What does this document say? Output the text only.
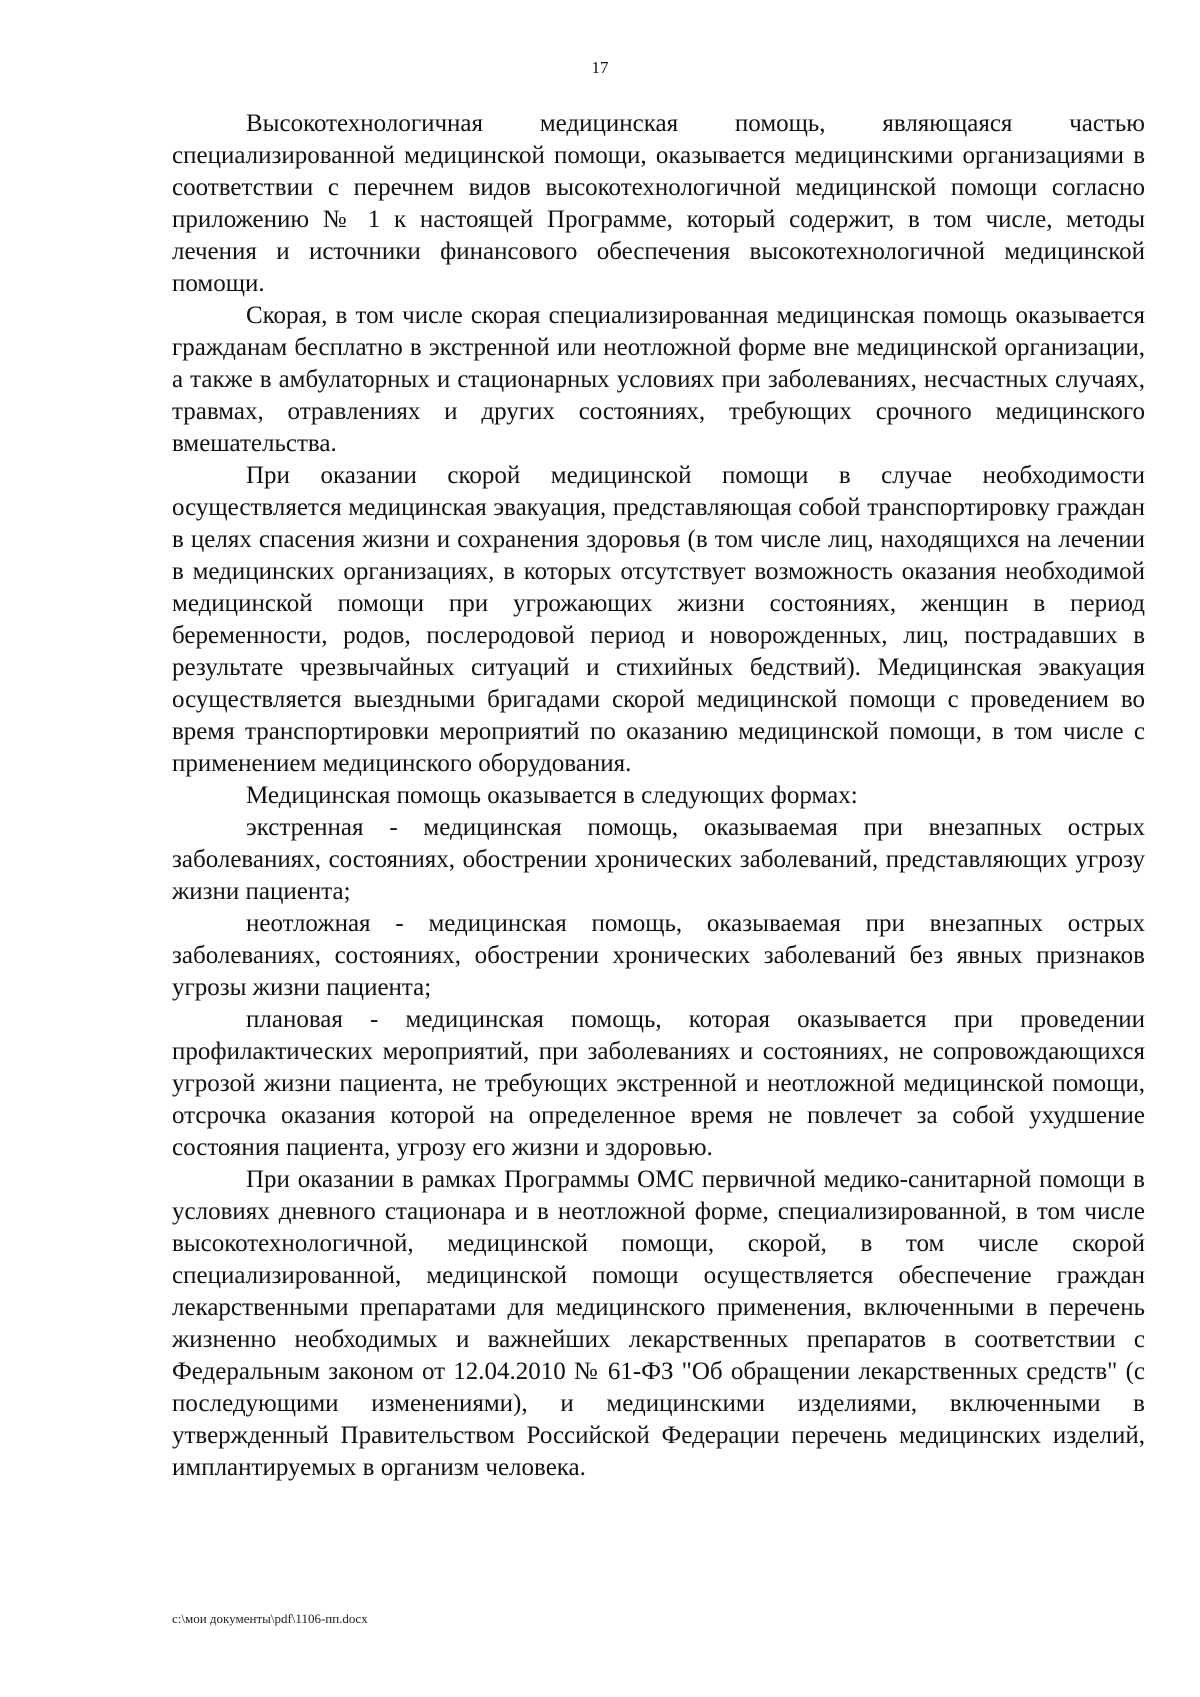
17

Высокотехнологичная медицинская помощь, являющаяся частью специализированной медицинской помощи, оказывается медицинскими организациями в соответствии с перечнем видов высокотехнологичной медицинской помощи согласно приложению № 1 к настоящей Программе, который содержит, в том числе, методы лечения и источники финансового обеспечения высокотехнологичной медицинской помощи.

Скорая, в том числе скорая специализированная медицинская помощь оказывается гражданам бесплатно в экстренной или неотложной форме вне медицинской организации, а также в амбулаторных и стационарных условиях при заболеваниях, несчастных случаях, травмах, отравлениях и других состояниях, требующих срочного медицинского вмешательства.

При оказании скорой медицинской помощи в случае необходимости осуществляется медицинская эвакуация, представляющая собой транспортировку граждан в целях спасения жизни и сохранения здоровья (в том числе лиц, находящихся на лечении в медицинских организациях, в которых отсутствует возможность оказания необходимой медицинской помощи при угрожающих жизни состояниях, женщин в период беременности, родов, послеродовой период и новорожденных, лиц, пострадавших в результате чрезвычайных ситуаций и стихийных бедствий). Медицинская эвакуация осуществляется выездными бригадами скорой медицинской помощи с проведением во время транспортировки мероприятий по оказанию медицинской помощи, в том числе с применением медицинского оборудования.

Медицинская помощь оказывается в следующих формах:

экстренная - медицинская помощь, оказываемая при внезапных острых заболеваниях, состояниях, обострении хронических заболеваний, представляющих угрозу жизни пациента;

неотложная - медицинская помощь, оказываемая при внезапных острых заболеваниях, состояниях, обострении хронических заболеваний без явных признаков угрозы жизни пациента;

плановая - медицинская помощь, которая оказывается при проведении профилактических мероприятий, при заболеваниях и состояниях, не сопровождающихся угрозой жизни пациента, не требующих экстренной и неотложной медицинской помощи, отсрочка оказания которой на определенное время не повлечет за собой ухудшение состояния пациента, угрозу его жизни и здоровью.

При оказании в рамках Программы ОМС первичной медико-санитарной помощи в условиях дневного стационара и в неотложной форме, специализированной, в том числе высокотехнологичной, медицинской помощи, скорой, в том числе скорой специализированной, медицинской помощи осуществляется обеспечение граждан лекарственными препаратами для медицинского применения, включенными в перечень жизненно необходимых и важнейших лекарственных препаратов в соответствии с Федеральным законом от 12.04.2010 № 61-ФЗ "Об обращении лекарственных средств" (с последующими изменениями), и медицинскими изделиями, включенными в утвержденный Правительством Российской Федерации перечень медицинских изделий, имплантируемых в организм человека.

c:\мои документы\pdf\1106-пп.docx
